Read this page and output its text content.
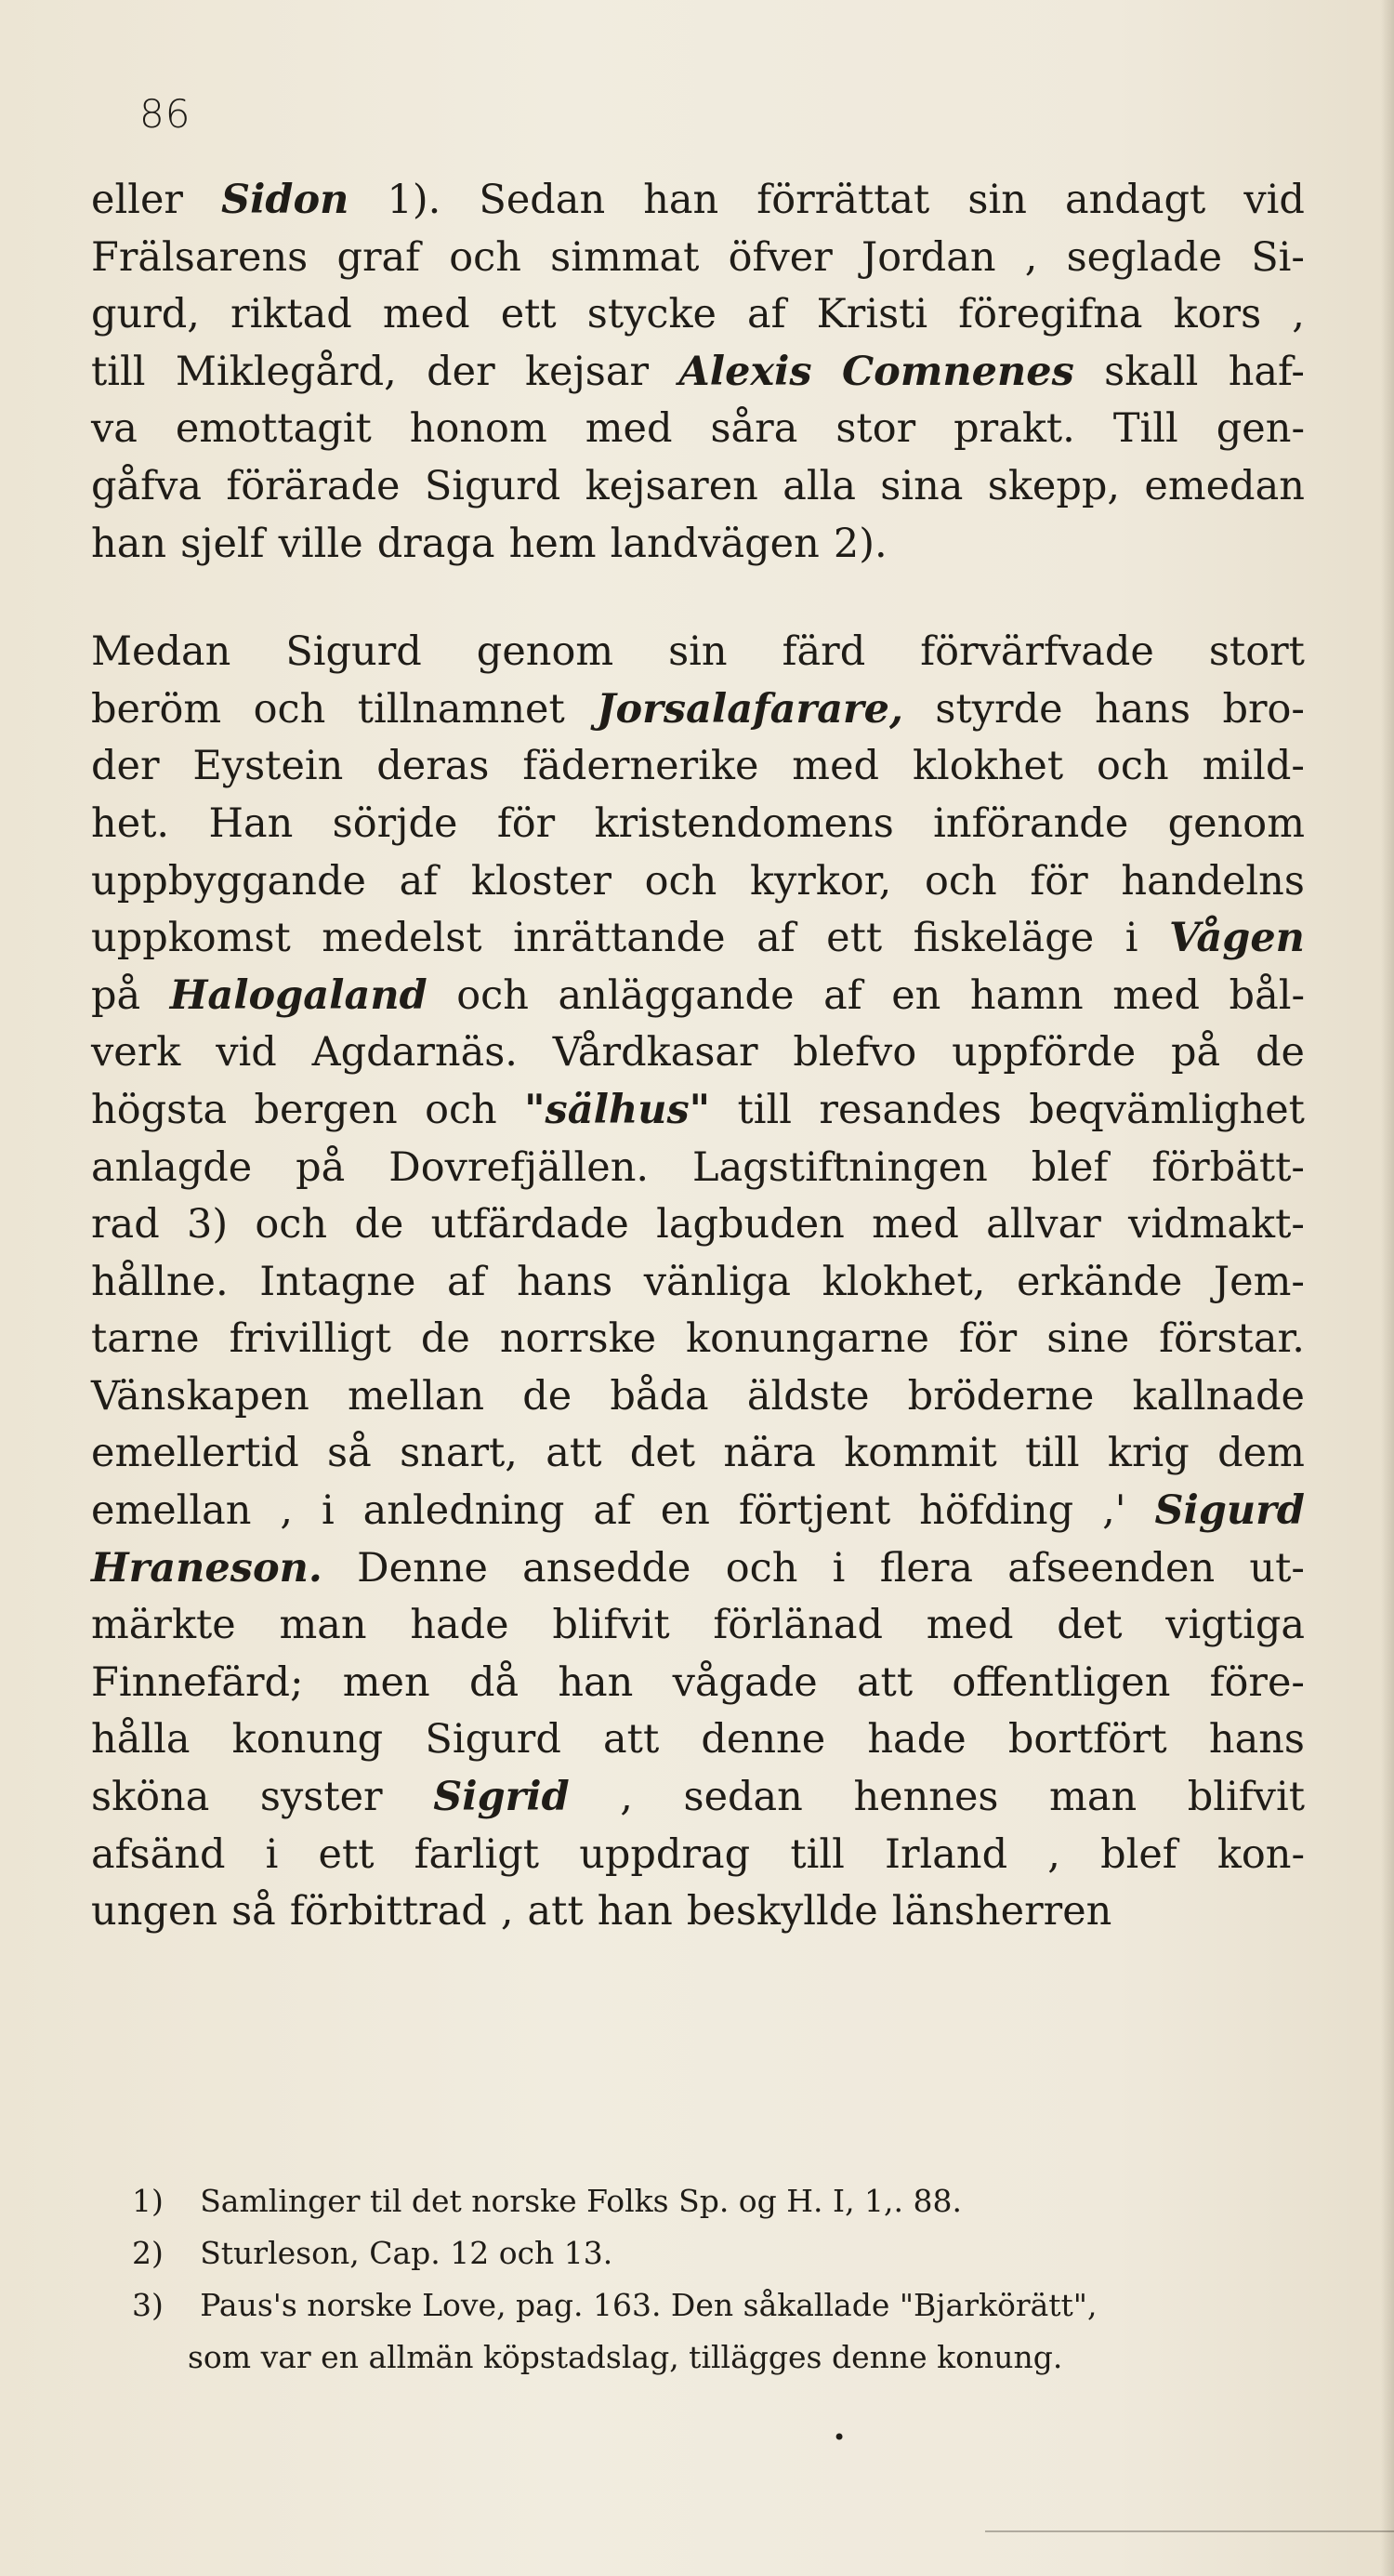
86
eller Sidon 1). Sedan han förrättat sin andagt vid
Frälsarens graf och simmat öfver Jordan , seglade Si-
gurd, riktad med ett stycke af Kristi föregifna kors ,
till Miklegård, der kejsar Alexis Comnenes skall haf-
va emottagit honom med såra stor prakt. Till gen-
gåfva förärade Sigurd kejsaren alla sina skepp, emedan
han sjelf ville draga hem landvägen 2).
Medan Sigurd genom sin färd förvärfvade stort
beröm och tillnamnet Jorsalafarare, styrde hans bro-
der Eystein deras fädernerike med klokhet och mild-
het. Han sörjde för kristendomens införande genom
uppbyggande af kloster och kyrkor, och för handelns
uppkomst medelst inrättande af ett fiskeläge i Vågen
på Halogaland och anläggande af en hamn med bål-
verk vid Agdarnäs. Vårdkasar blefvo uppförde på de
högsta bergen och "sälhus" till resandes beqvämlighet
anlagde på Dovrefjällen. Lagstiftningen blef förbätt-
rad 3) och de utfärdade lagbuden med allvar vidmakt-
hållne. Intagne af hans vänliga klokhet, erkände Jem-
tarne frivilligt de norrske konungarne för sine förstar.
Vänskapen mellan de båda äldste bröderne kallnade
emellertid så snart, att det nära kommit till krig dem
emellan , i anledning af en förtjent höfding ,' Sigurd
Hraneson. Denne ansedde och i flera afseenden ut-
märkte man hade blifvit förlänad med det vigtiga
Finnefärd; men då han vågade att offentligen före-
hålla konung Sigurd att denne hade bortfört hans
sköna syster Sigrid , sedan hennes man blifvit
afsänd i ett farligt uppdrag till Irland , blef kon-
ungen så förbittrad , att han beskyllde länsherren
1)	Samlinger til det norske Folks Sp. og H. I, 1,. 88.
2)	Sturleson, Cap. 12 och 13.
3)	Paus's norske Love, pag. 163. Den såkallade "Bjarkörätt",
som var en allmän köpstadslag, tillägges denne konung.
•
